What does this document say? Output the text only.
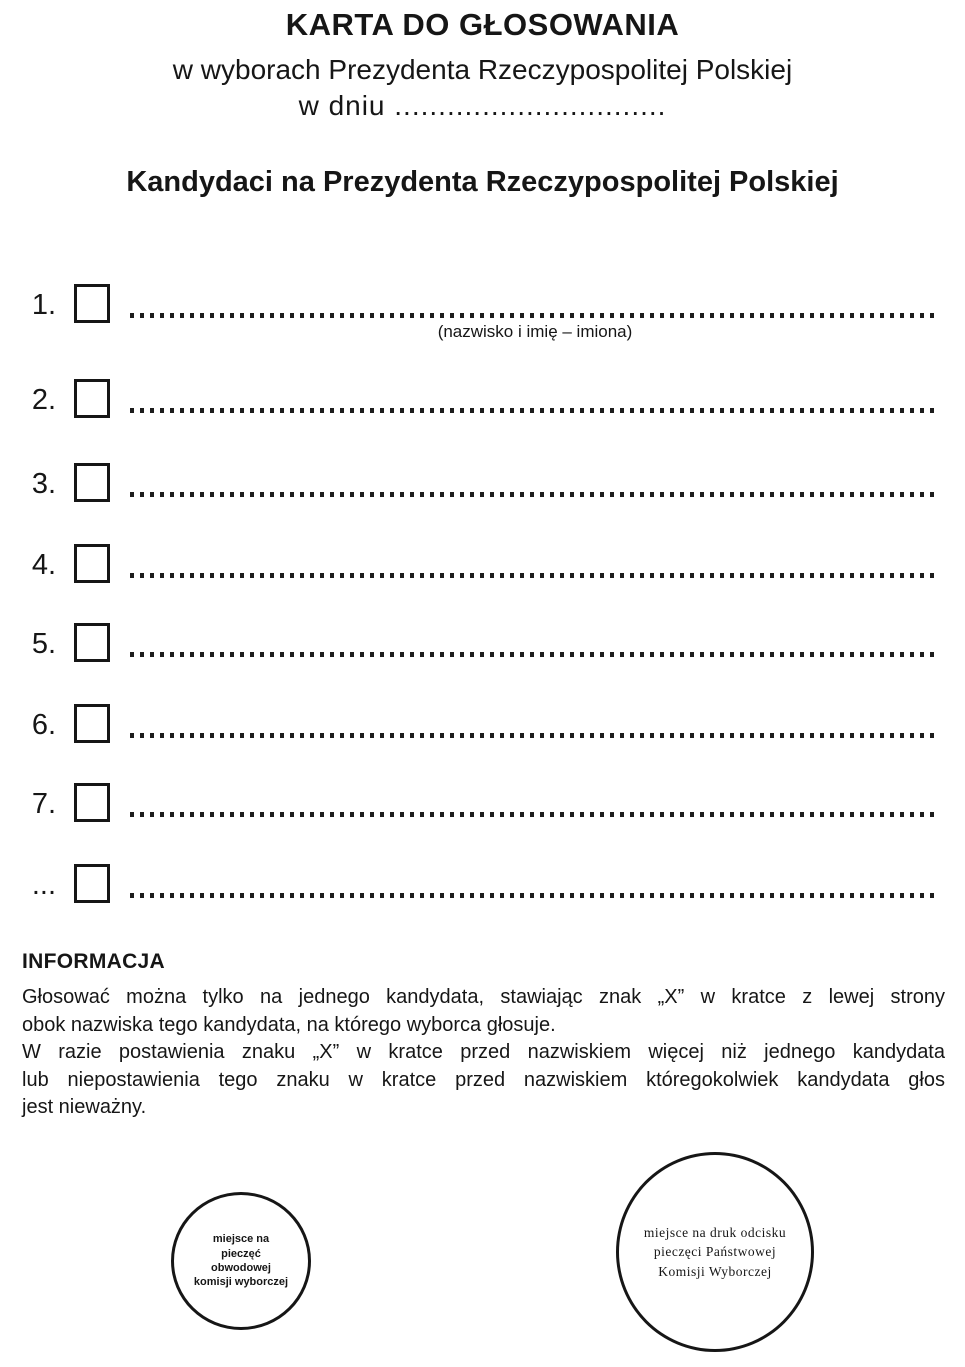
KARTA DO GŁOSOWANIA
w wyborach Prezydenta Rzeczypospolitej Polskiej
w dniu ...............................
Kandydaci na Prezydenta Rzeczypospolitej Polskiej
1.
(nazwisko i imię – imiona)
2.
3.
4.
5.
6.
7.
...
INFORMACJA
Głosować można tylko na jednego kandydata, stawiając znak „X” w kratce z lewej strony
obok nazwiska tego kandydata, na którego wyborca głosuje.
W razie postawienia znaku „X” w kratce przed nazwiskiem więcej niż jednego kandydata
lub niepostawienia tego znaku w kratce przed nazwiskiem któregokolwiek kandydata głos
jest nieważny.
miejsce na
pieczęć
obwodowej
komisji wyborczej
miejsce na druk odcisku
pieczęci Państwowej
Komisji Wyborczej
